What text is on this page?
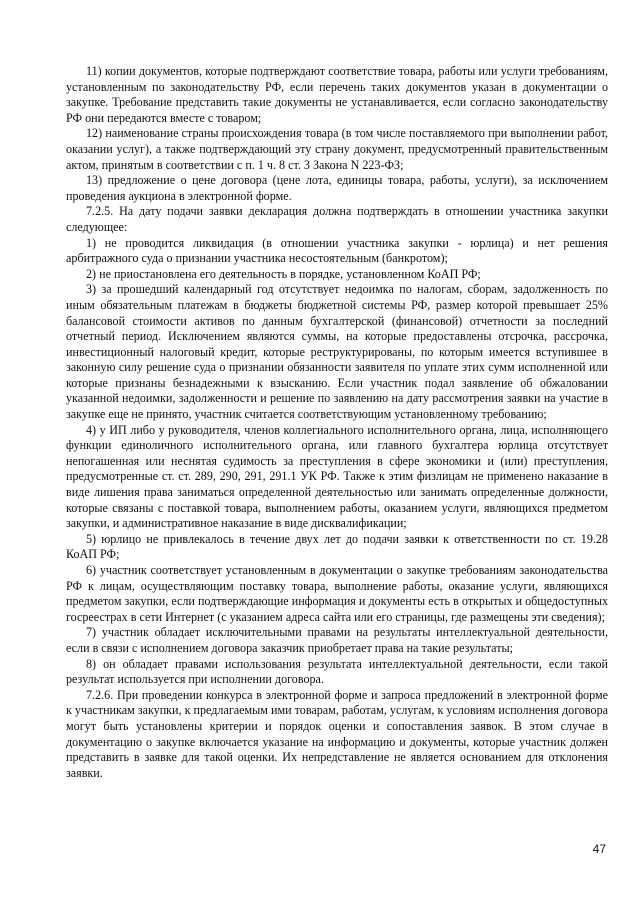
11) копии документов, которые подтверждают соответствие товара, работы или услуги требованиям, установленным по законодательству РФ, если перечень таких документов указан в документации о закупке. Требование представить такие документы не устанавливается, если согласно законодательству РФ они передаются вместе с товаром;

12) наименование страны происхождения товара (в том числе поставляемого при выполнении работ, оказании услуг), а также подтверждающий эту страну документ, предусмотренный правительственным актом, принятым в соответствии с п. 1 ч. 8 ст. 3 Закона N 223-ФЗ;

13) предложение о цене договора (цене лота, единицы товара, работы, услуги), за исключением проведения аукциона в электронной форме.

7.2.5. На дату подачи заявки декларация должна подтверждать в отношении участника закупки следующее:

1) не проводится ликвидация (в отношении участника закупки - юрлица) и нет решения арбитражного суда о признании участника несостоятельным (банкротом);

2) не приостановлена его деятельность в порядке, установленном КоАП РФ;

3) за прошедший календарный год отсутствует недоимка по налогам, сборам, задолженность по иным обязательным платежам в бюджеты бюджетной системы РФ, размер которой превышает 25% балансовой стоимости активов по данным бухгалтерской (финансовой) отчетности за последний отчетный период. Исключением являются суммы, на которые предоставлены отсрочка, рассрочка, инвестиционный налоговый кредит, которые реструктурированы, по которым имеется вступившее в законную силу решение суда о признании обязанности заявителя по уплате этих сумм исполненной или которые признаны безнадежными к взысканию. Если участник подал заявление об обжаловании указанной недоимки, задолженности и решение по заявлению на дату рассмотрения заявки на участие в закупке еще не принято, участник считается соответствующим установленному требованию;

4) у ИП либо у руководителя, членов коллегиального исполнительного органа, лица, исполняющего функции единоличного исполнительного органа, или главного бухгалтера юрлица отсутствует непогашенная или неснятая судимость за преступления в сфере экономики и (или) преступления, предусмотренные ст. ст. 289, 290, 291, 291.1 УК РФ. Также к этим физлицам не применено наказание в виде лишения права заниматься определенной деятельностью или занимать определенные должности, которые связаны с поставкой товара, выполнением работы, оказанием услуги, являющихся предметом закупки, и административное наказание в виде дисквалификации;

5) юрлицо не привлекалось в течение двух лет до подачи заявки к ответственности по ст. 19.28 КоАП РФ;

6) участник соответствует установленным в документации о закупке требованиям законодательства РФ к лицам, осуществляющим поставку товара, выполнение работы, оказание услуги, являющихся предметом закупки, если подтверждающие информация и документы есть в открытых и общедоступных госреестрах в сети Интернет (с указанием адреса сайта или его страницы, где размещены эти сведения);

7) участник обладает исключительными правами на результаты интеллектуальной деятельности, если в связи с исполнением договора заказчик приобретает права на такие результаты;

8) он обладает правами использования результата интеллектуальной деятельности, если такой результат используется при исполнении договора.

7.2.6. При проведении конкурса в электронной форме и запроса предложений в электронной форме к участникам закупки, к предлагаемым ими товарам, работам, услугам, к условиям исполнения договора могут быть установлены критерии и порядок оценки и сопоставления заявок. В этом случае в документацию о закупке включается указание на информацию и документы, которые участник должен представить в заявке для такой оценки. Их непредставление не является основанием для отклонения заявки.

47
